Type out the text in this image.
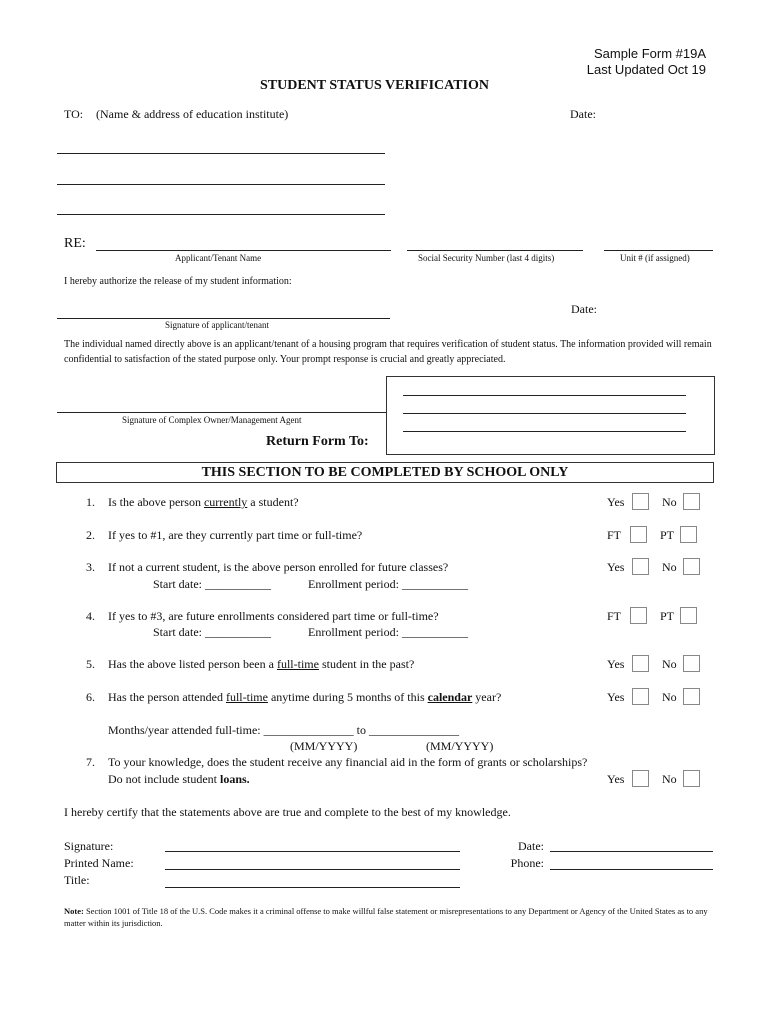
Sample Form #19A
Last Updated Oct 19
STUDENT STATUS VERIFICATION
TO: (Name & address of education institute)	Date:
RE:
Applicant/Tenant Name	Social Security Number (last 4 digits)	Unit # (if assigned)
I hereby authorize the release of my student information:
Date:
Signature of applicant/tenant
The individual named directly above is an applicant/tenant of a housing program that requires verification of student status. The information provided will remain confidential to satisfaction of the stated purpose only. Your prompt response is crucial and greatly appreciated.
Signature of Complex Owner/Management Agent
Return Form To:
THIS SECTION TO BE COMPLETED BY SCHOOL ONLY
1. Is the above person currently a student?	Yes	No
2. If yes to #1, are they currently part time or full-time?	FT	PT
3. If not a current student, is the above person enrolled for future classes?
Start date: ___________	Enrollment period: ___________
Yes	No
4. If yes to #3, are future enrollments considered part time or full-time?
Start date: ___________	Enrollment period: ___________
FT	PT
5. Has the above listed person been a full-time student in the past?	Yes	No
6. Has the person attended full-time anytime during 5 months of this calendar year?	Yes	No
Months/year attended full-time: _______________ to _______________
(MM/YYYY)	(MM/YYYY)
7. To your knowledge, does the student receive any financial aid in the form of grants or scholarships?
Do not include student loans.	Yes	No
I hereby certify that the statements above are true and complete to the best of my knowledge.
Signature:
Printed Name:
Title:
Date:
Phone:
Note: Section 1001 of Title 18 of the U.S. Code makes it a criminal offense to make willful false statement or misrepresentations to any Department or Agency of the United States as to any matter within its jurisdiction.
